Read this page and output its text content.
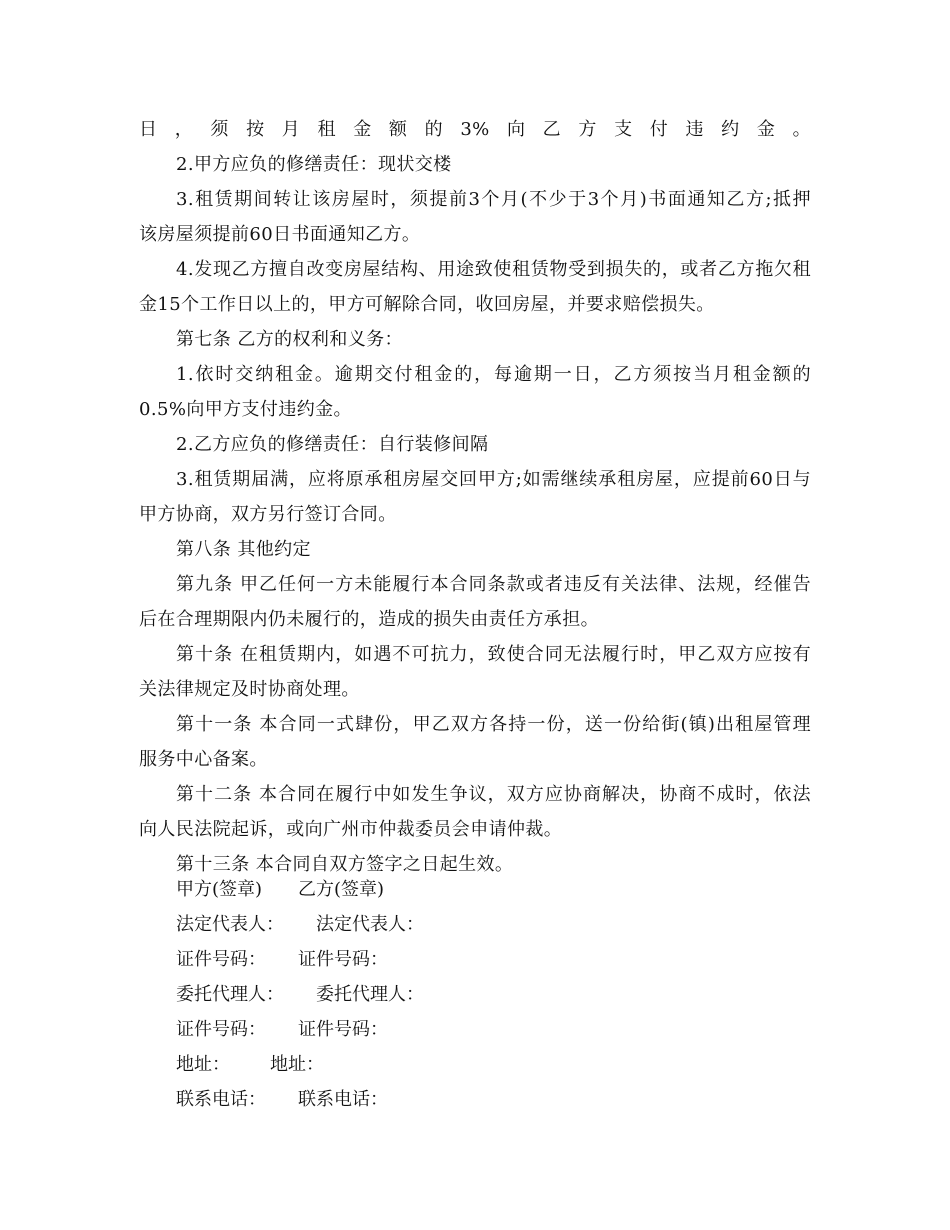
日，须按月租金额的3%向乙方支付违约金。
2.甲方应负的修缮责任：现状交楼
3.租赁期间转让该房屋时，须提前3个月(不少于3个月)书面通知乙方;抵押
该房屋须提前60日书面通知乙方。
4.发现乙方擅自改变房屋结构、用途致使租赁物受到损失的，或者乙方拖欠租
金15个工作日以上的，甲方可解除合同，收回房屋，并要求赔偿损失。
第七条 乙方的权利和义务：
1.依时交纳租金。逾期交付租金的，每逾期一日，乙方须按当月租金额的
0.5%向甲方支付违约金。
2.乙方应负的修缮责任：自行装修间隔
3.租赁期届满，应将原承租房屋交回甲方;如需继续承租房屋，应提前60日与
甲方协商，双方另行签订合同。
第八条 其他约定
第九条 甲乙任何一方未能履行本合同条款或者违反有关法律、法规，经催告
后在合理期限内仍未履行的，造成的损失由责任方承担。
第十条 在租赁期内，如遇不可抗力，致使合同无法履行时，甲乙双方应按有
关法律规定及时协商处理。
第十一条 本合同一式肆份，甲乙双方各持一份，送一份给街(镇)出租屋管理
服务中心备案。
第十二条 本合同在履行中如发生争议，双方应协商解决，协商不成时，依法
向人民法院起诉，或向广州市仲裁委员会申请仲裁。
第十三条 本合同自双方签字之日起生效。
甲方(签章) 乙方(签章)
法定代表人： 法定代表人：
证件号码： 证件号码：
委托代理人： 委托代理人：
证件号码： 证件号码：
地址： 地址：
联系电话： 联系电话：
